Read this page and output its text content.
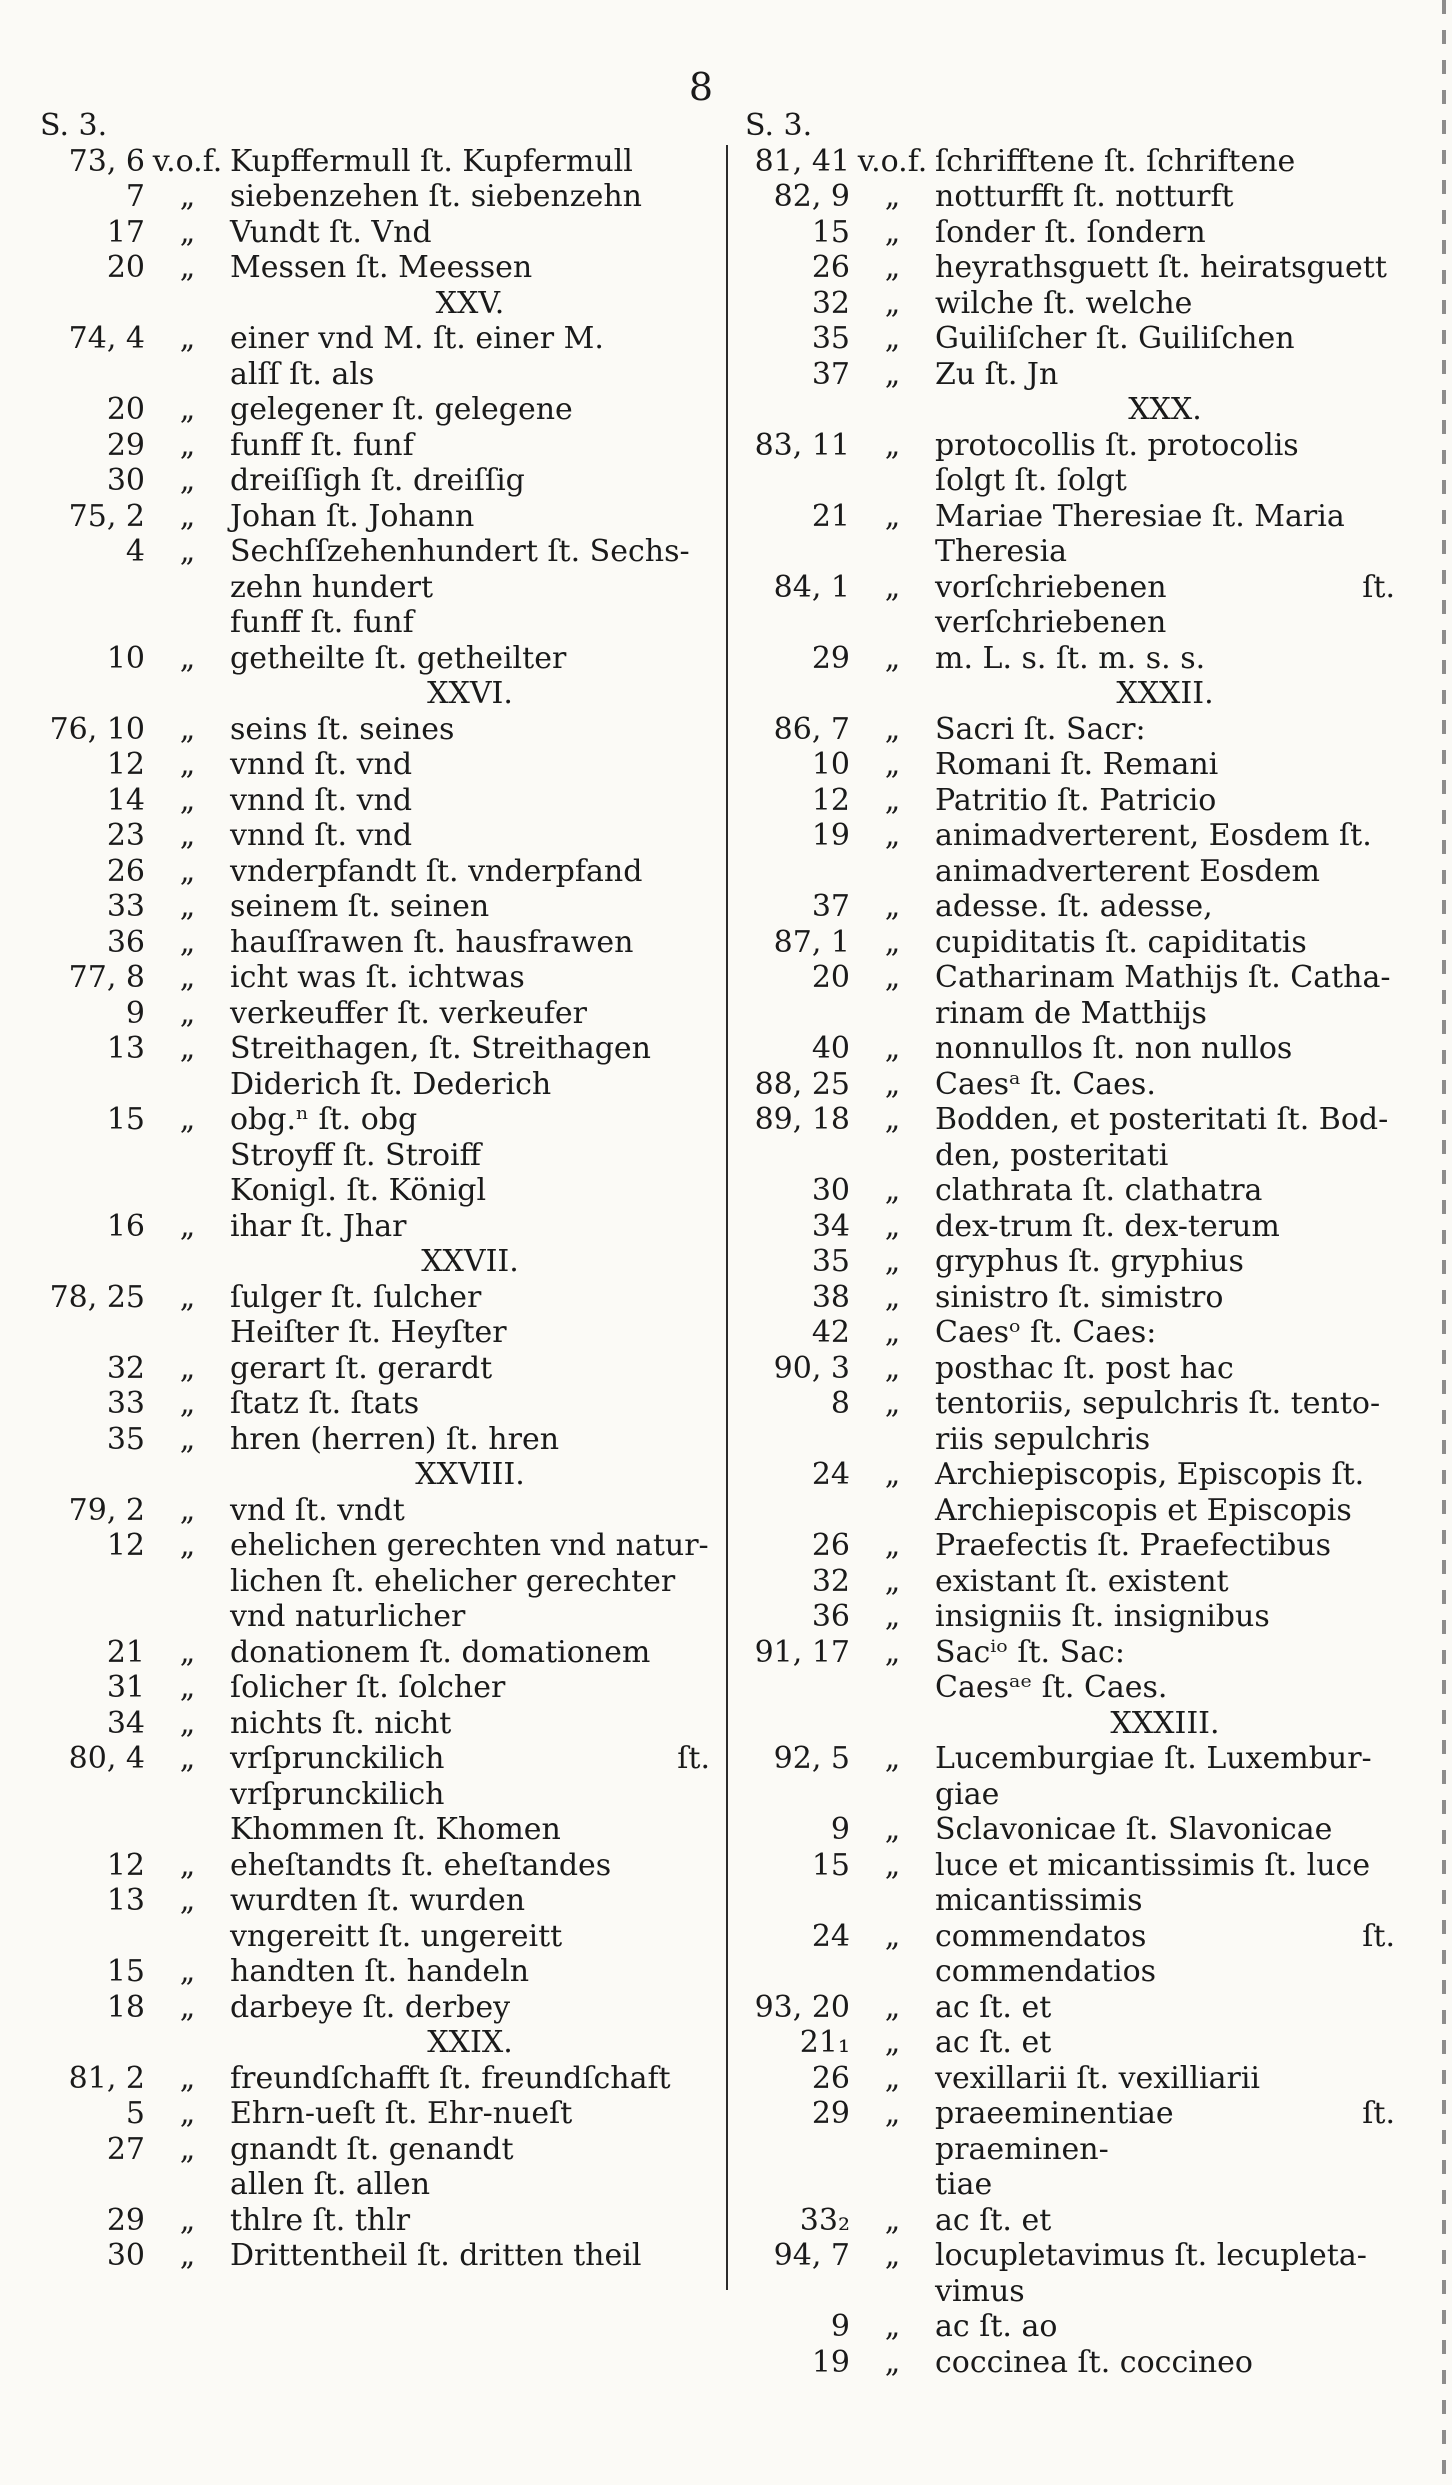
8
S. 3.
73, 6 v.o.f. Kupffermull ſt. Kupfermull
7	„	siebenzehen ſt. siebenzehn
17	„	Vundt ſt. Vnd
20	„	Messen ſt. Meessen
XXV.
74, 4	„	einer vnd M. ſt. einer M.
alſſ ſt. als
20	„	gelegener ſt. gelegene
29	„	funff ſt. funf
30	„	dreiſſigh ſt. dreiſſig
75, 2	„	Johan ſt. Johann
4	„	Sechſſzehenhundert ſt. Sechs-
zehn hundert
funff ſt. funf
10	„	getheilte ſt. getheilter
XXVI.
76, 10	„	seins ſt. seines
12	„	vnnd ſt. vnd
14	„	vnnd ſt. vnd
23	„	vnnd ſt. vnd
26	„	vnderpfandt ſt. vnderpfand
33	„	seinem ſt. seinen
36	„	hauſſrawen ſt. hausfrawen
77, 8	„	icht was ſt. ichtwas
9	„	verkeuffer ſt. verkeufer
13	„	Streithagen, ſt. Streithagen
Diderich ſt. Dederich
15	„	obg.ⁿ ſt. obg
Stroyff ſt. Stroiff
Konigl. ſt. Königl
16	„	ihar ſt. Jhar
XXVII.
78, 25	„	ſulger ſt. ſulcher
Heiſter ſt. Heyſter
32	„	gerart ſt. gerardt
33	„	ſtatz ſt. ſtats
35	„	hren (herren) ſt. hren
XXVIII.
79, 2	„	vnd ſt. vndt
12	„	ehelichen gerechten vnd natur-
lichen ſt. ehelicher gerechter
vnd naturlicher
21	„	donationem ſt. domationem
31	„	ſolicher ſt. ſolcher
34	„	nichts ſt. nicht
80, 4	„	vrſprunckilich ſt. vrſprunckilich
Khommen ſt. Khomen
12	„	eheſtandts ſt. eheſtandes
13	„	wurdten ſt. wurden
vngereitt ſt. ungereitt
15	„	handten ſt. handeln
18	„	darbeye ſt. derbey
XXIX.
81, 2	„	freundſchafft ſt. freundſchaft
5	„	Ehrn-ueſt ſt. Ehr-nueſt
27	„	gnandt ſt. genandt
allen ſt. allen
29	„	thlre ſt. thlr
30	„	Drittentheil ſt. dritten theil
S. 3.
81, 41 v.o.f. ſchrifftene ſt. ſchriftene
82, 9	„	notturfft ſt. notturft
15	„	ſonder ſt. ſondern
26	„	heyrathsguett ſt. heiratsguett
32	„	wilche ſt. welche
35	„	Guiliſcher ſt. Guiliſchen
37	„	Zu ſt. Jn
XXX.
83, 11	„	protocollis ſt. protocolis
ſolgt ſt. ſolgt
21	„	Mariae Theresiae ſt. Maria
Theresia
84, 1	„	vorſchriebenen ſt. verſchriebenen
29	„	m. L. s. ſt. m. s. s.
XXXII.
86, 7	„	Sacri ſt. Sacr:
10	„	Romani ſt. Remani
12	„	Patritio ſt. Patricio
19	„	animadverterent, Eosdem ſt.
animadverterent Eosdem
37	„	adesse. ſt. adesse,
87, 1	„	cupiditatis ſt. capiditatis
20	„	Catharinam Mathijs ſt. Catha-
rinam de Matthijs
40	„	nonnullos ſt. non nullos
88, 25	„	Caesᵃ ſt. Caes.
89, 18	„	Bodden, et posteritati ſt. Bod-
den, posteritati
30	„	clathrata ſt. clathatra
34	„	dex-trum ſt. dex-terum
35	„	gryphus ſt. gryphius
38	„	sinistro ſt. simistro
42	„	Caesᵒ ſt. Caes:
90, 3	„	posthac ſt. post hac
8	„	tentoriis, sepulchris ſt. tento-
riis sepulchris
24	„	Archiepiscopis, Episcopis ſt.
Archiepiscopis et Episcopis
26	„	Praefectis ſt. Praefectibus
32	„	existant ſt. existent
36	„	insigniis ſt. insignibus
91, 17	„	Sacⁱᵒ ſt. Sac:
Caesᵃᵉ ſt. Caes.
XXXIII.
92, 5	„	Lucemburgiae ſt. Luxembur-
giae
9	„	Sclavonicae ſt. Slavonicae
15	„	luce et micantissimis ſt. luce
micantissimis
24	„	commendatos ſt. commendatios
93, 20	„	ac ſt. et
21₁	„	ac ſt. et
26	„	vexillarii ſt. vexilliarii
29	„	praeeminentiae ſt. praeminen-
tiae
33₂	„	ac ſt. et
94, 7	„	locupletavimus ſt. lecupleta-
vimus
9	„	ac ſt. ao
19	„	coccinea ſt. coccineo
